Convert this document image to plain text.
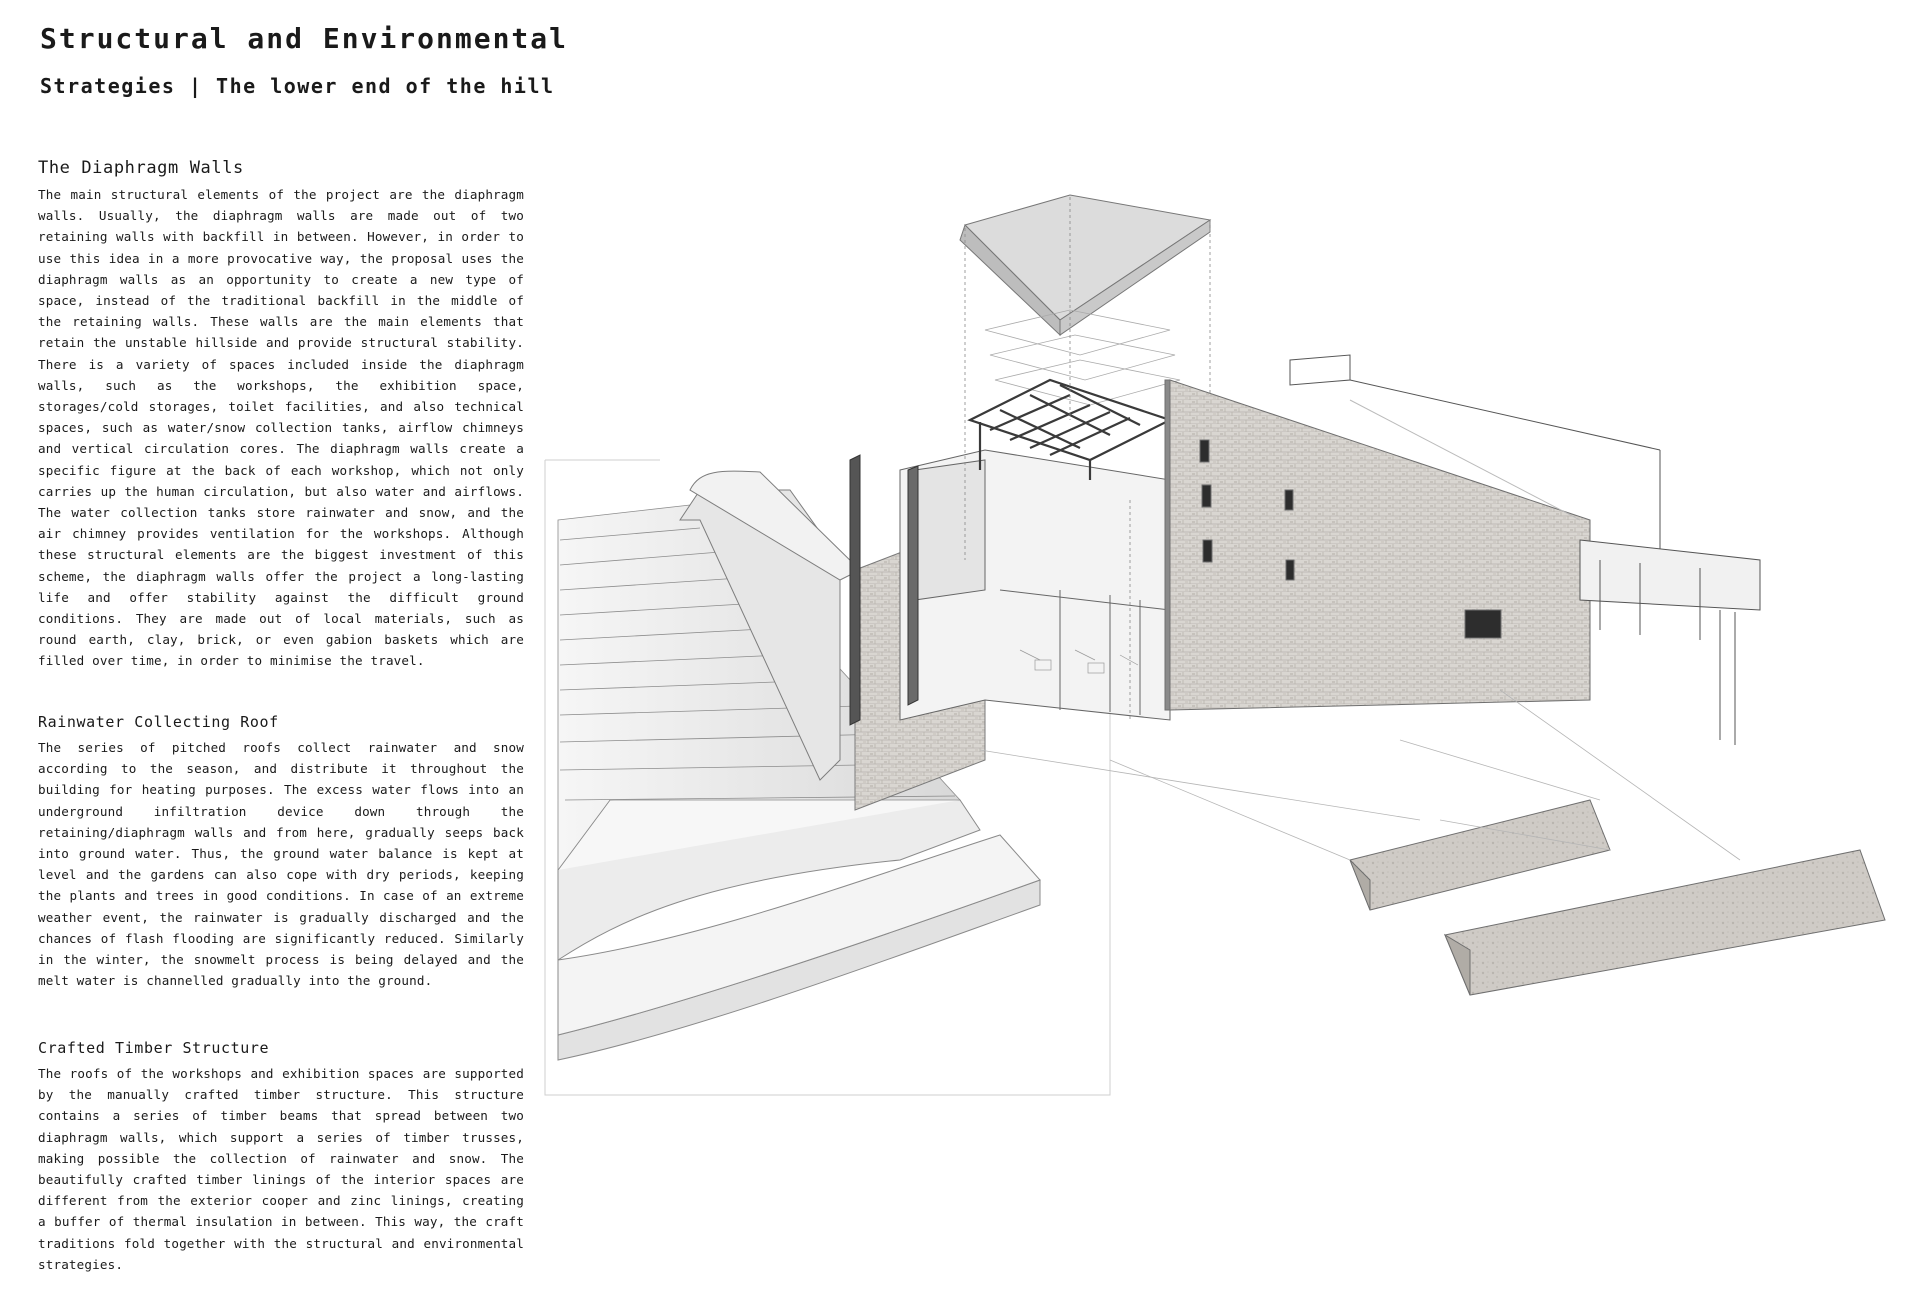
Structural and Environmental
Strategies | The lower end of the hill
The Diaphragm Walls

The main structural elements of the project are the diaphragm walls. Usually, the diaphragm walls are made out of two retaining walls with backfill in between. However, in order to use this idea in a more provocative way, the proposal uses the diaphragm walls as an opportunity to create a new type of space, instead of the traditional backfill in the middle of the retaining walls. These walls are the main elements that retain the unstable hillside and provide structural stability. There is a variety of spaces included inside the diaphragm walls, such as the workshops, the exhibition space, storages/cold storages, toilet facilities, and also technical spaces, such as water/snow collection tanks, airflow chimneys and vertical circulation cores. The diaphragm walls create a specific figure at the back of each workshop, which not only carries up the human circulation, but also water and airflows. The water collection tanks store rainwater and snow, and the air chimney provides ventilation for the workshops. Although these structural elements are the biggest investment of this scheme, the diaphragm walls offer the project a long-lasting life and offer stability against the difficult ground conditions. They are made out of local materials, such as round earth, clay, brick, or even gabion baskets which are filled over time, in order to minimise the travel.

Rainwater Collecting Roof

The series of pitched roofs collect rainwater and snow according to the season, and distribute it throughout the building for heating purposes. The excess water flows into an underground infiltration device down through the retaining/diaphragm walls and from here, gradually seeps back into ground water. Thus, the ground water balance is kept at level and the gardens can also cope with dry periods, keeping the plants and trees in good conditions. In case of an extreme weather event, the rainwater is gradually discharged and the chances of flash flooding are significantly reduced. Similarly in the winter, the snowmelt process is being delayed and the melt water is channelled gradually into the ground.

Crafted Timber Structure

The roofs of the workshops and exhibition spaces are supported by the manually crafted timber structure. This structure contains a series of timber beams that spread between two diaphragm walls, which support a series of timber trusses, making possible the collection of rainwater and snow. The beautifully crafted timber linings of the interior spaces are different from the exterior cooper and zinc linings, creating a buffer of thermal insulation in between. This way, the craft traditions fold together with the structural and environmental strategies.
